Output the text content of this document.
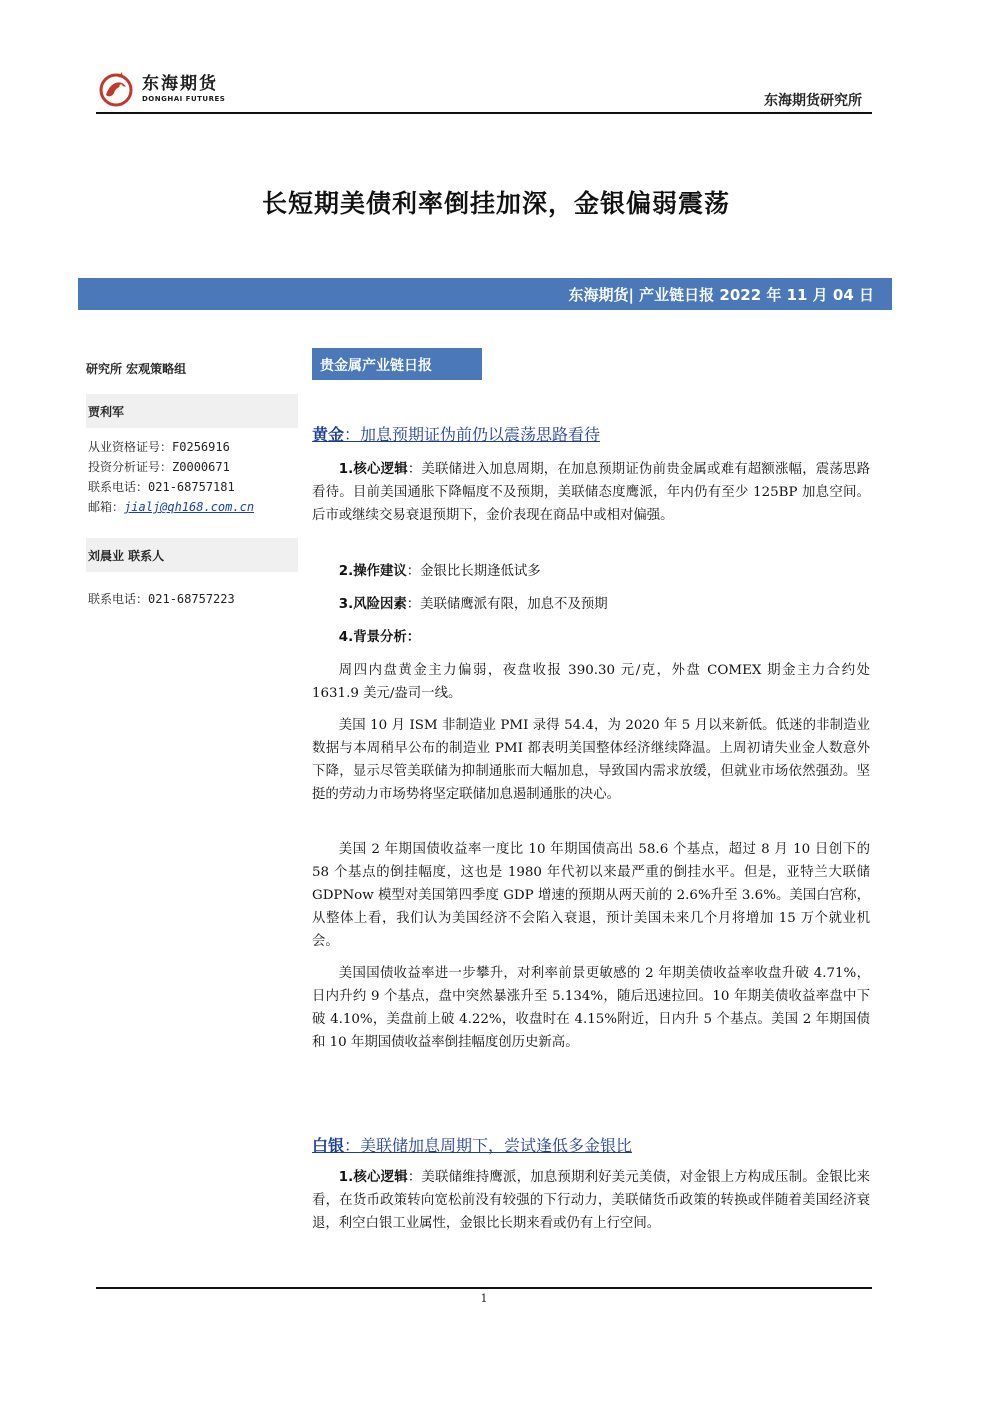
东海期货
DONGHAI FUTURES	东海期货研究所
长短期美债利率倒挂加深，金银偏弱震荡
东海期货| 产业链日报 2022 年 11 月 04 日
研究所 宏观策略组
贾利军
从业资格证号：F0256916
投资分析证号：Z0000671
联系电话：021-68757181
邮箱：jialj@qh168.com.cn
刘晨业 联系人
联系电话：021-68757223
贵金属产业链日报
黄金：加息预期证伪前仍以震荡思路看待
1.核心逻辑：美联储进入加息周期，在加息预期证伪前贵金属或难有超额涨幅，震荡思路看待。目前美国通胀下降幅度不及预期，美联储态度鹰派，年内仍有至少 125BP 加息空间。后市或继续交易衰退预期下，金价表现在商品中或相对偏强。
2.操作建议：金银比长期逢低试多
3.风险因素：美联储鹰派有限，加息不及预期
4.背景分析：
周四内盘黄金主力偏弱，夜盘收报 390.30 元/克，外盘 COMEX 期金主力合约处 1631.9 美元/盎司一线。
美国 10 月 ISM 非制造业 PMI 录得 54.4，为 2020 年 5 月以来新低。低迷的非制造业数据与本周稍早公布的制造业 PMI 都表明美国整体经济继续降温。上周初请失业金人数意外下降，显示尽管美联储为抑制通胀而大幅加息，导致国内需求放缓，但就业市场依然强劲。坚挺的劳动力市场势将坚定联储加息遏制通胀的决心。
美国 2 年期国债收益率一度比 10 年期国债高出 58.6 个基点，超过 8 月 10 日创下的 58 个基点的倒挂幅度，这也是 1980 年代初以来最严重的倒挂水平。但是，亚特兰大联储 GDPNow 模型对美国第四季度 GDP 增速的预期从两天前的 2.6%升至 3.6%。美国白宫称，从整体上看，我们认为美国经济不会陷入衰退，预计美国未来几个月将增加 15 万个就业机会。
美国国债收益率进一步攀升，对利率前景更敏感的 2 年期美债收益率收盘升破 4.71%，日内升约 9 个基点，盘中突然暴涨升至 5.134%，随后迅速拉回。10 年期美债收益率盘中下破 4.10%，美盘前上破 4.22%，收盘时在 4.15%附近，日内升 5 个基点。美国 2 年期国债和 10 年期国债收益率倒挂幅度创历史新高。
白银：美联储加息周期下，尝试逢低多金银比
1.核心逻辑：美联储维持鹰派，加息预期利好美元美债，对金银上方构成压制。金银比来看，在货币政策转向宽松前没有较强的下行动力，美联储货币政策的转换或伴随着美国经济衰退，利空白银工业属性，金银比长期来看或仍有上行空间。
1
